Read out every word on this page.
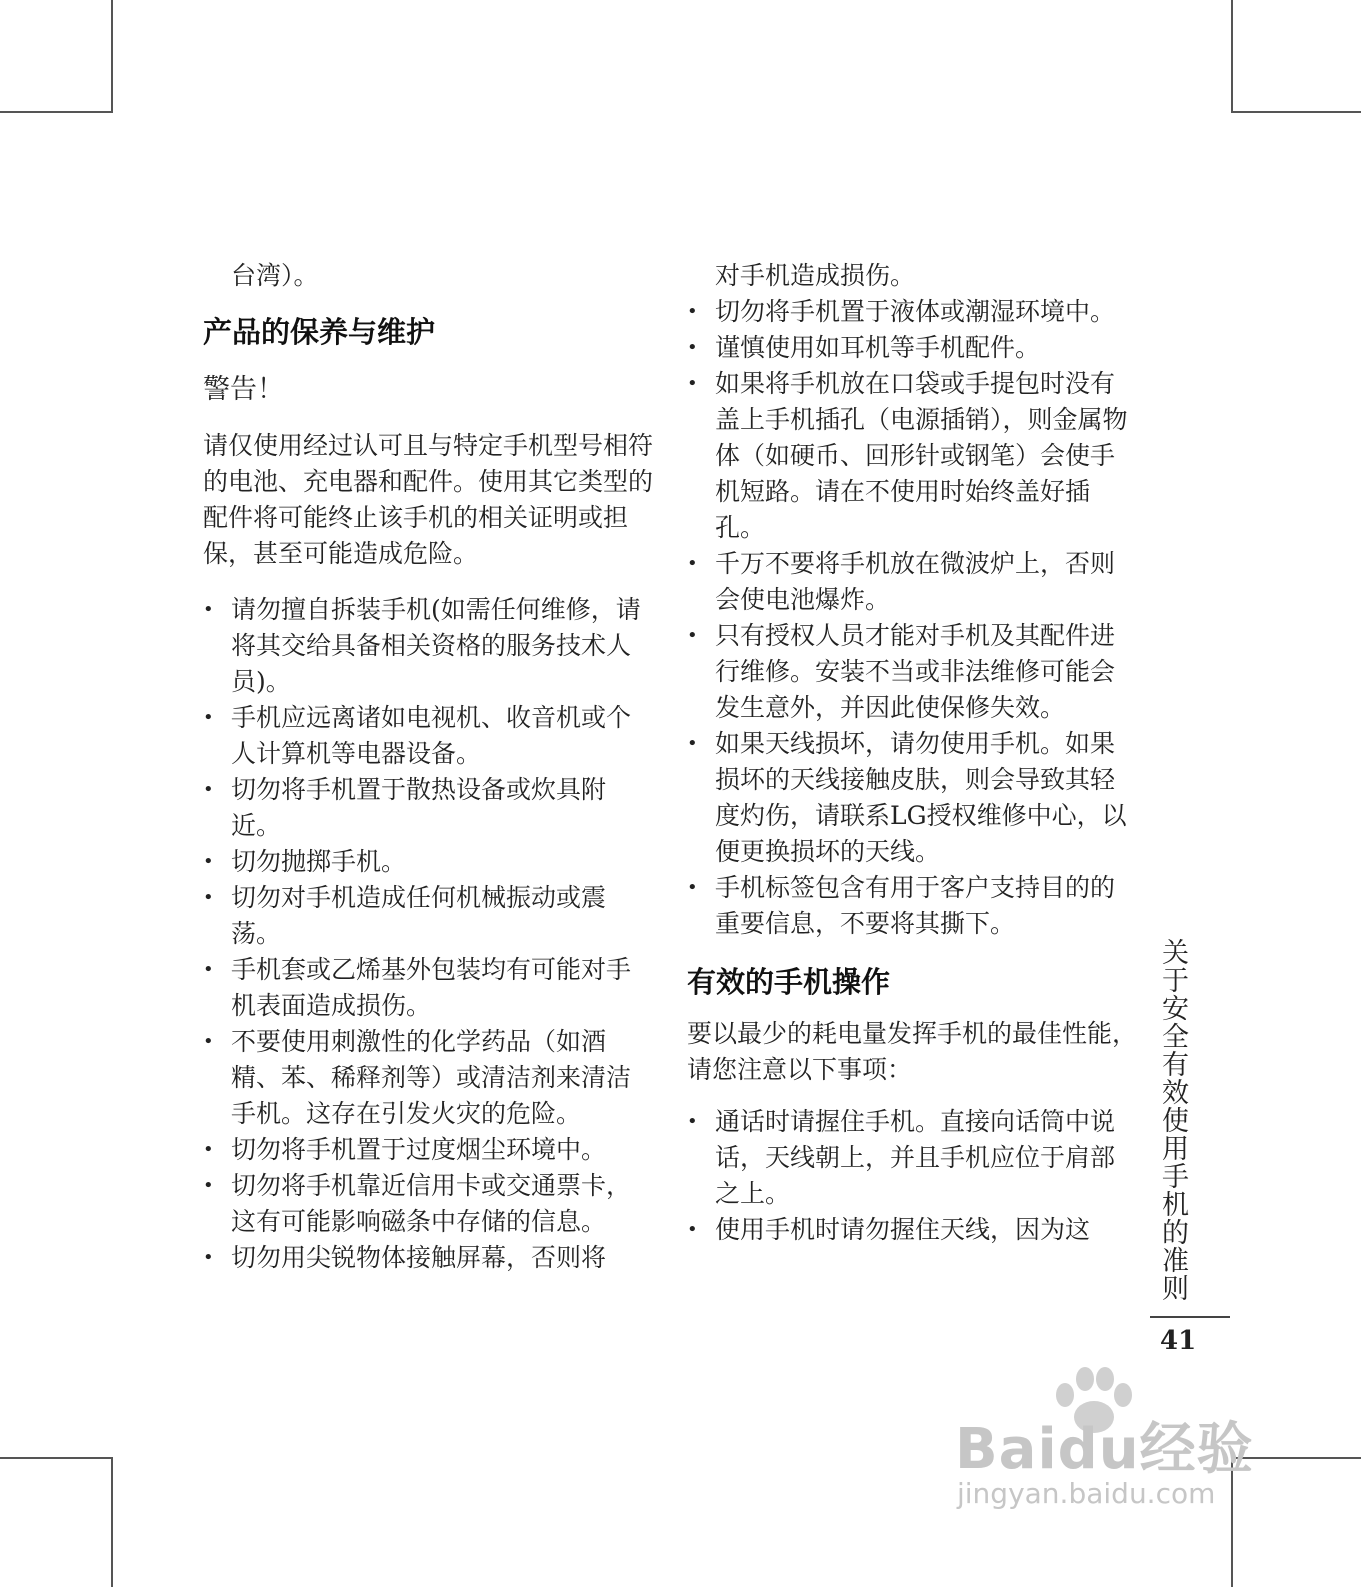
台湾）。

产品的保养与维护

警告！

请仅使用经过认可且与特定手机型号相符的电池、充电器和配件。使用其它类型的配件将可能终止该手机的相关证明或担保，甚至可能造成危险。

• 请勿擅自拆装手机(如需任何维修，请将其交给具备相关资格的服务技术人员)。
• 手机应远离诸如电视机、收音机或个人计算机等电器设备。
• 切勿将手机置于散热设备或炊具附近。
• 切勿抛掷手机。
• 切勿对手机造成任何机械振动或震荡。
• 手机套或乙烯基外包装均有可能对手机表面造成损伤。
• 不要使用刺激性的化学药品（如酒精、苯、稀释剂等）或清洁剂来清洁手机。这存在引发火灾的危险。
• 切勿将手机置于过度烟尘环境中。
• 切勿将手机靠近信用卡或交通票卡，这有可能影响磁条中存储的信息。
• 切勿用尖锐物体接触屏幕，否则将

对手机造成损伤。

• 切勿将手机置于液体或潮湿环境中。
• 谨慎使用如耳机等手机配件。
• 如果将手机放在口袋或手提包时没有盖上手机插孔（电源插销），则金属物体（如硬币、回形针或钢笔）会使手机短路。请在不使用时始终盖好插孔。
• 千万不要将手机放在微波炉上，否则会使电池爆炸。
• 只有授权人员才能对手机及其配件进行维修。安装不当或非法维修可能会发生意外，并因此使保修失效。
• 如果天线损坏，请勿使用手机。如果损坏的天线接触皮肤，则会导致其轻度灼伤，请联系LG授权维修中心，以便更换损坏的天线。
• 手机标签包含有用于客户支持目的的重要信息，不要将其撕下。
有效的手机操作

要以最少的耗电量发挥手机的最佳性能，请您注意以下事项：

• 通话时请握住手机。直接向话筒中说话，天线朝上，并且手机应位于肩部之上。
• 使用手机时请勿握住天线，因为这	关于安全有效使用手机的准则
41
Baidu经验
jingyan.baidu.com
